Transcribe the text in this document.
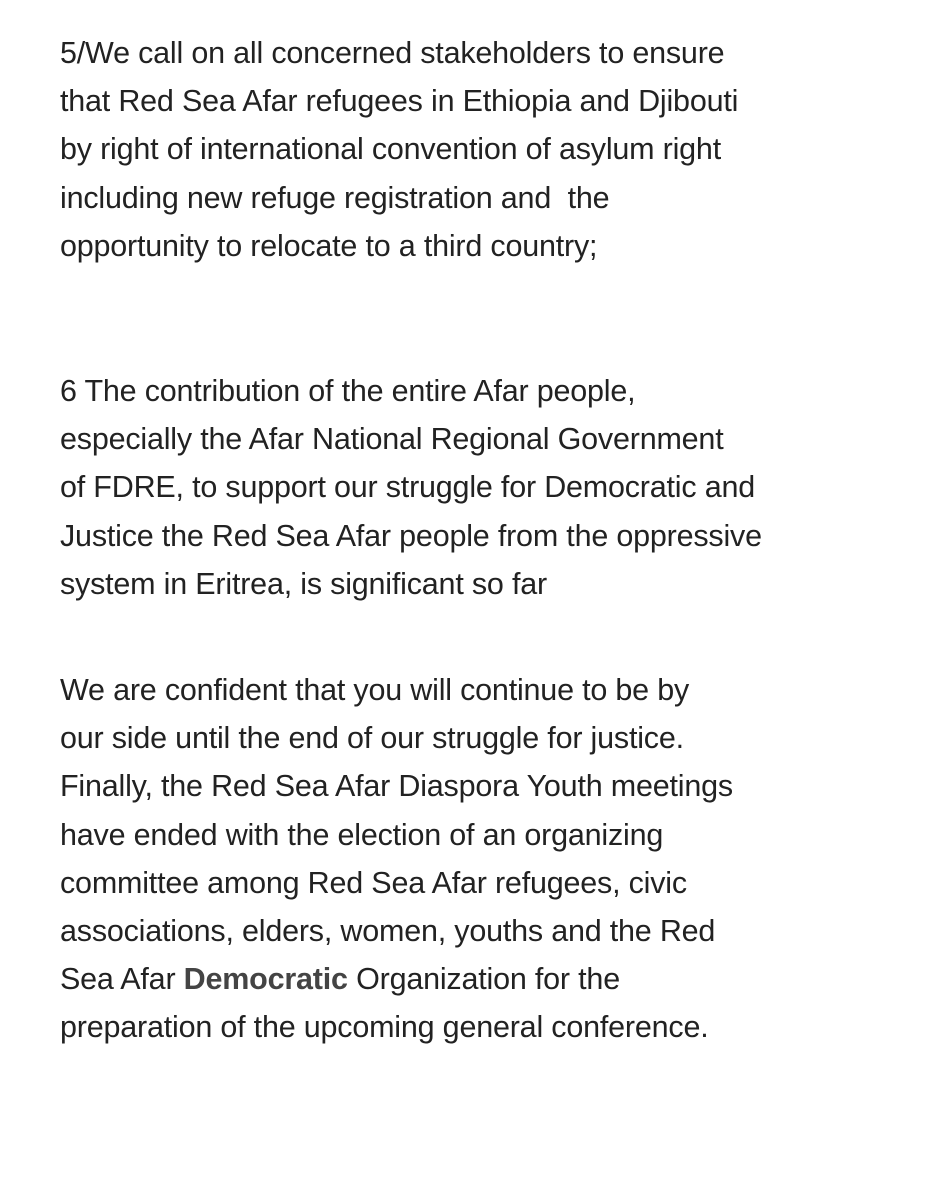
5/We call on all concerned stakeholders to ensure
that Red Sea Afar refugees in Ethiopia and Djibouti
by right of international convention of asylum right
including new refuge registration and  the
opportunity to relocate to a third country;

6 The contribution of the entire Afar people,
especially the Afar National Regional Government
of FDRE, to support our struggle for Democratic and
Justice the Red Sea Afar people from the oppressive
system in Eritrea, is significant so far

We are confident that you will continue to be by
our side until the end of our struggle for justice.
Finally, the Red Sea Afar Diaspora Youth meetings
have ended with the election of an organizing
committee among Red Sea Afar refugees, civic
associations, elders, women, youths and the Red
Sea Afar Democratic Organization for the
preparation of the upcoming general conference.
